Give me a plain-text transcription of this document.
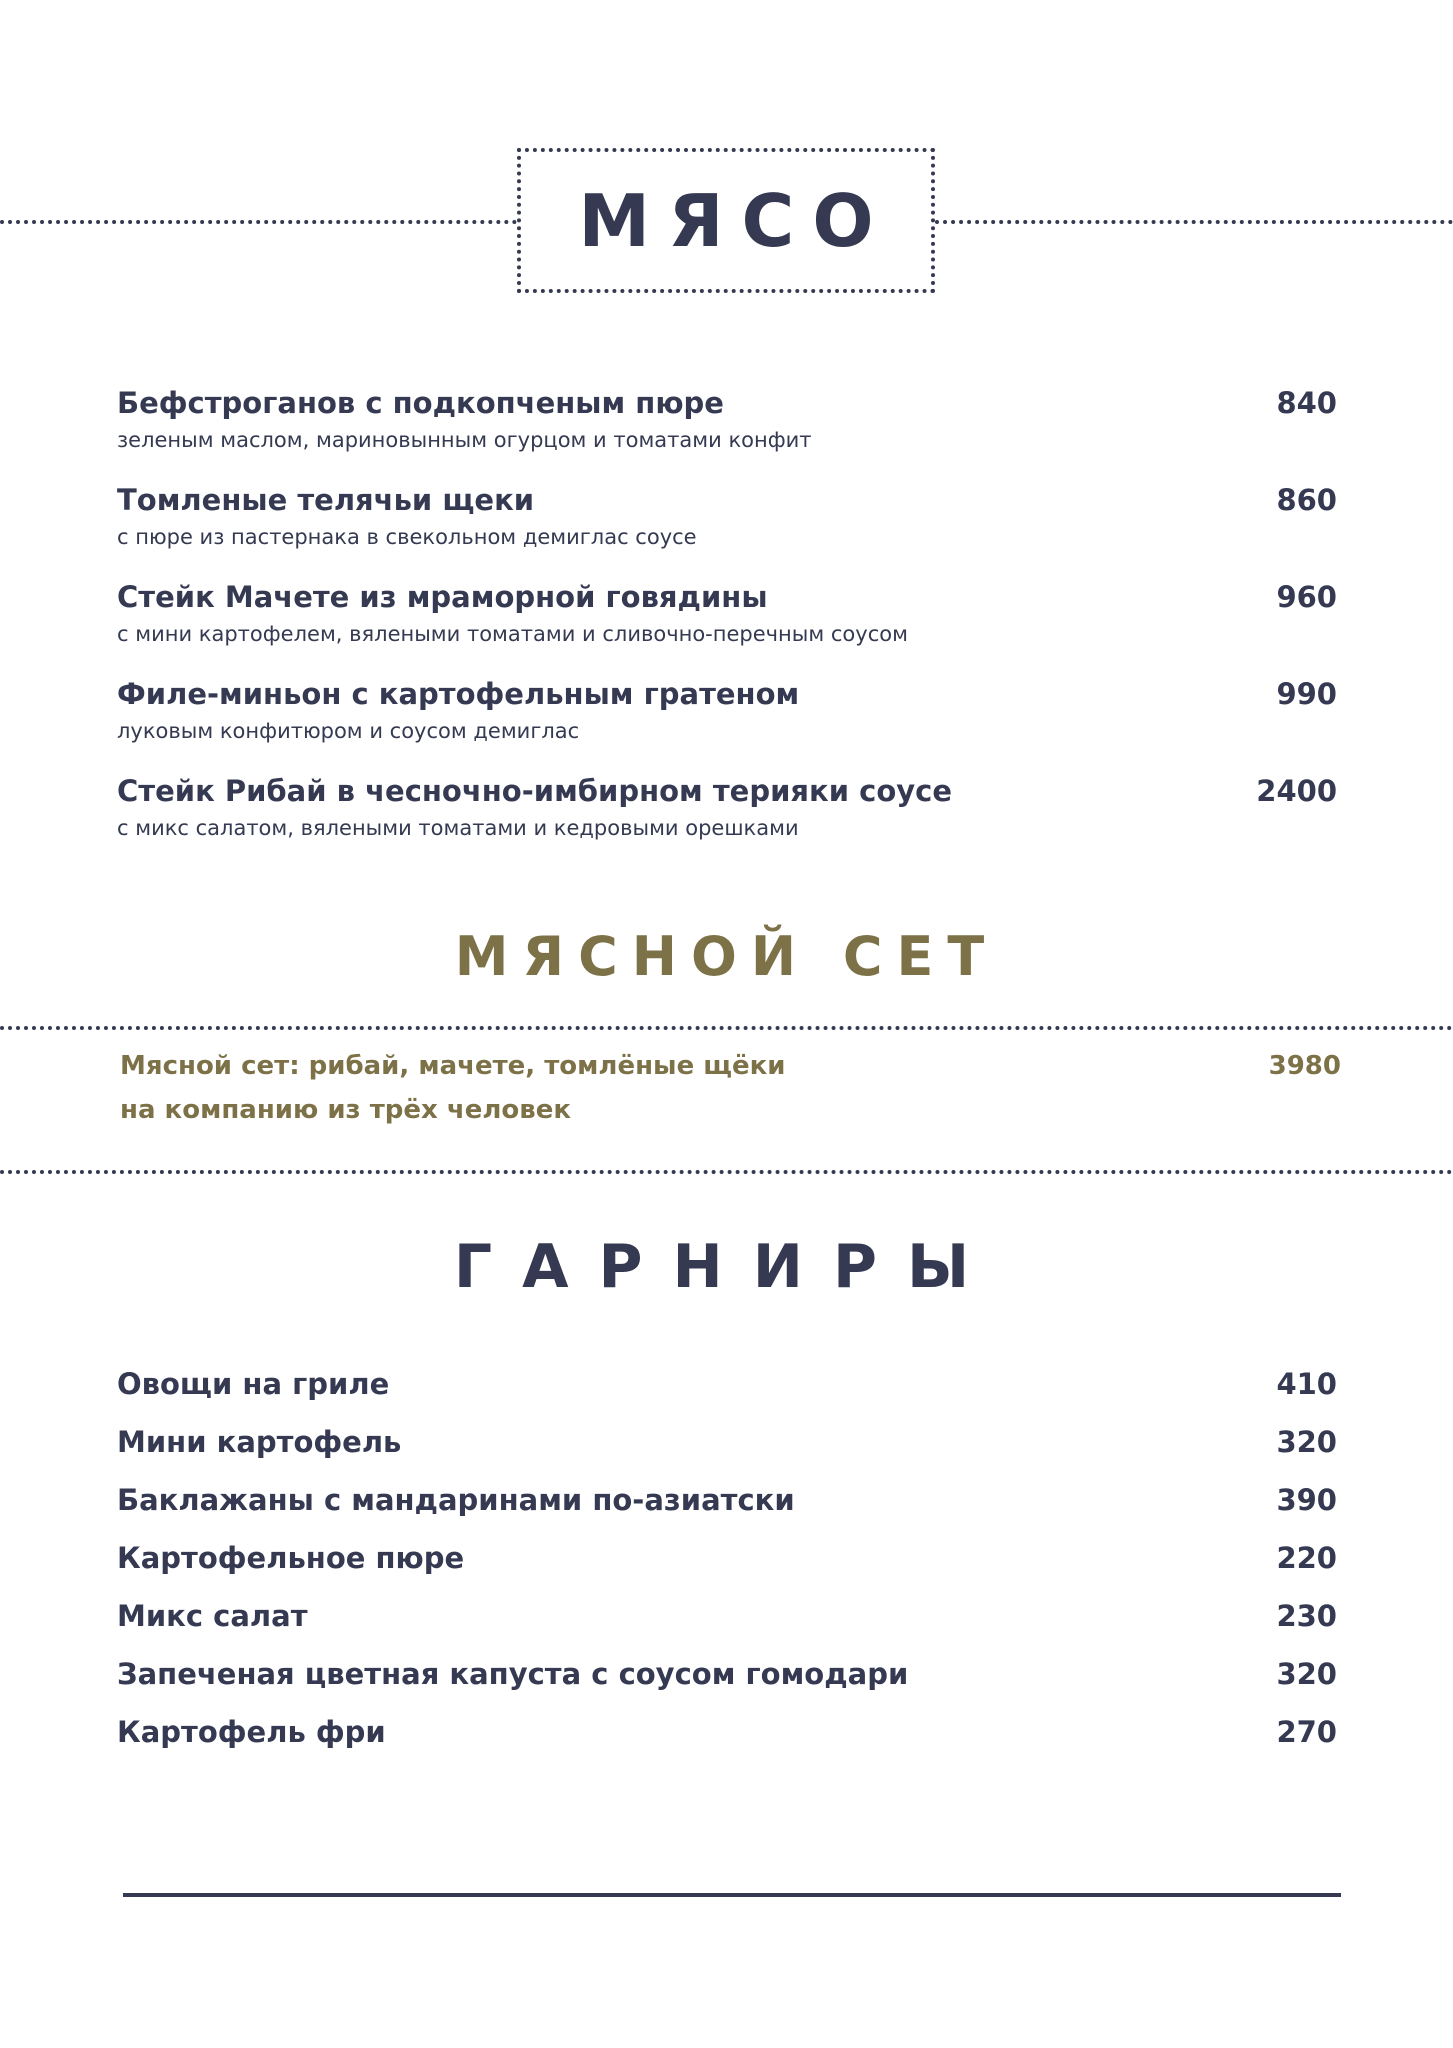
МЯСО
Бефстроганов с подкопченым пюре	840
зеленым маслом, мариновынным огурцом и томатами конфит
Томленые телячьи щеки	860
с пюре из пастернака в свекольном демиглас соусе
Стейк Мачете из мраморной говядины	960
с мини картофелем, вялеными томатами и сливочно-перечным соусом
Филе-миньон с картофельным гратеном	990
луковым конфитюром и соусом демиглас
Стейк Рибай в чесночно-имбирном терияки соусе	2400
с микс салатом, вялеными томатами и кедровыми орешками
МЯСНОЙ СЕТ
Мясной сет: рибай, мачете, томлёные щёки	3980
на компанию из трёх человек
ГАРНИРЫ
Овощи на гриле	410
Мини картофель	320
Баклажаны с мандаринами по-азиатски	390
Картофельное пюре	220
Микс салат	230
Запеченая цветная капуста с соусом гомодари	320
Картофель фри	270
